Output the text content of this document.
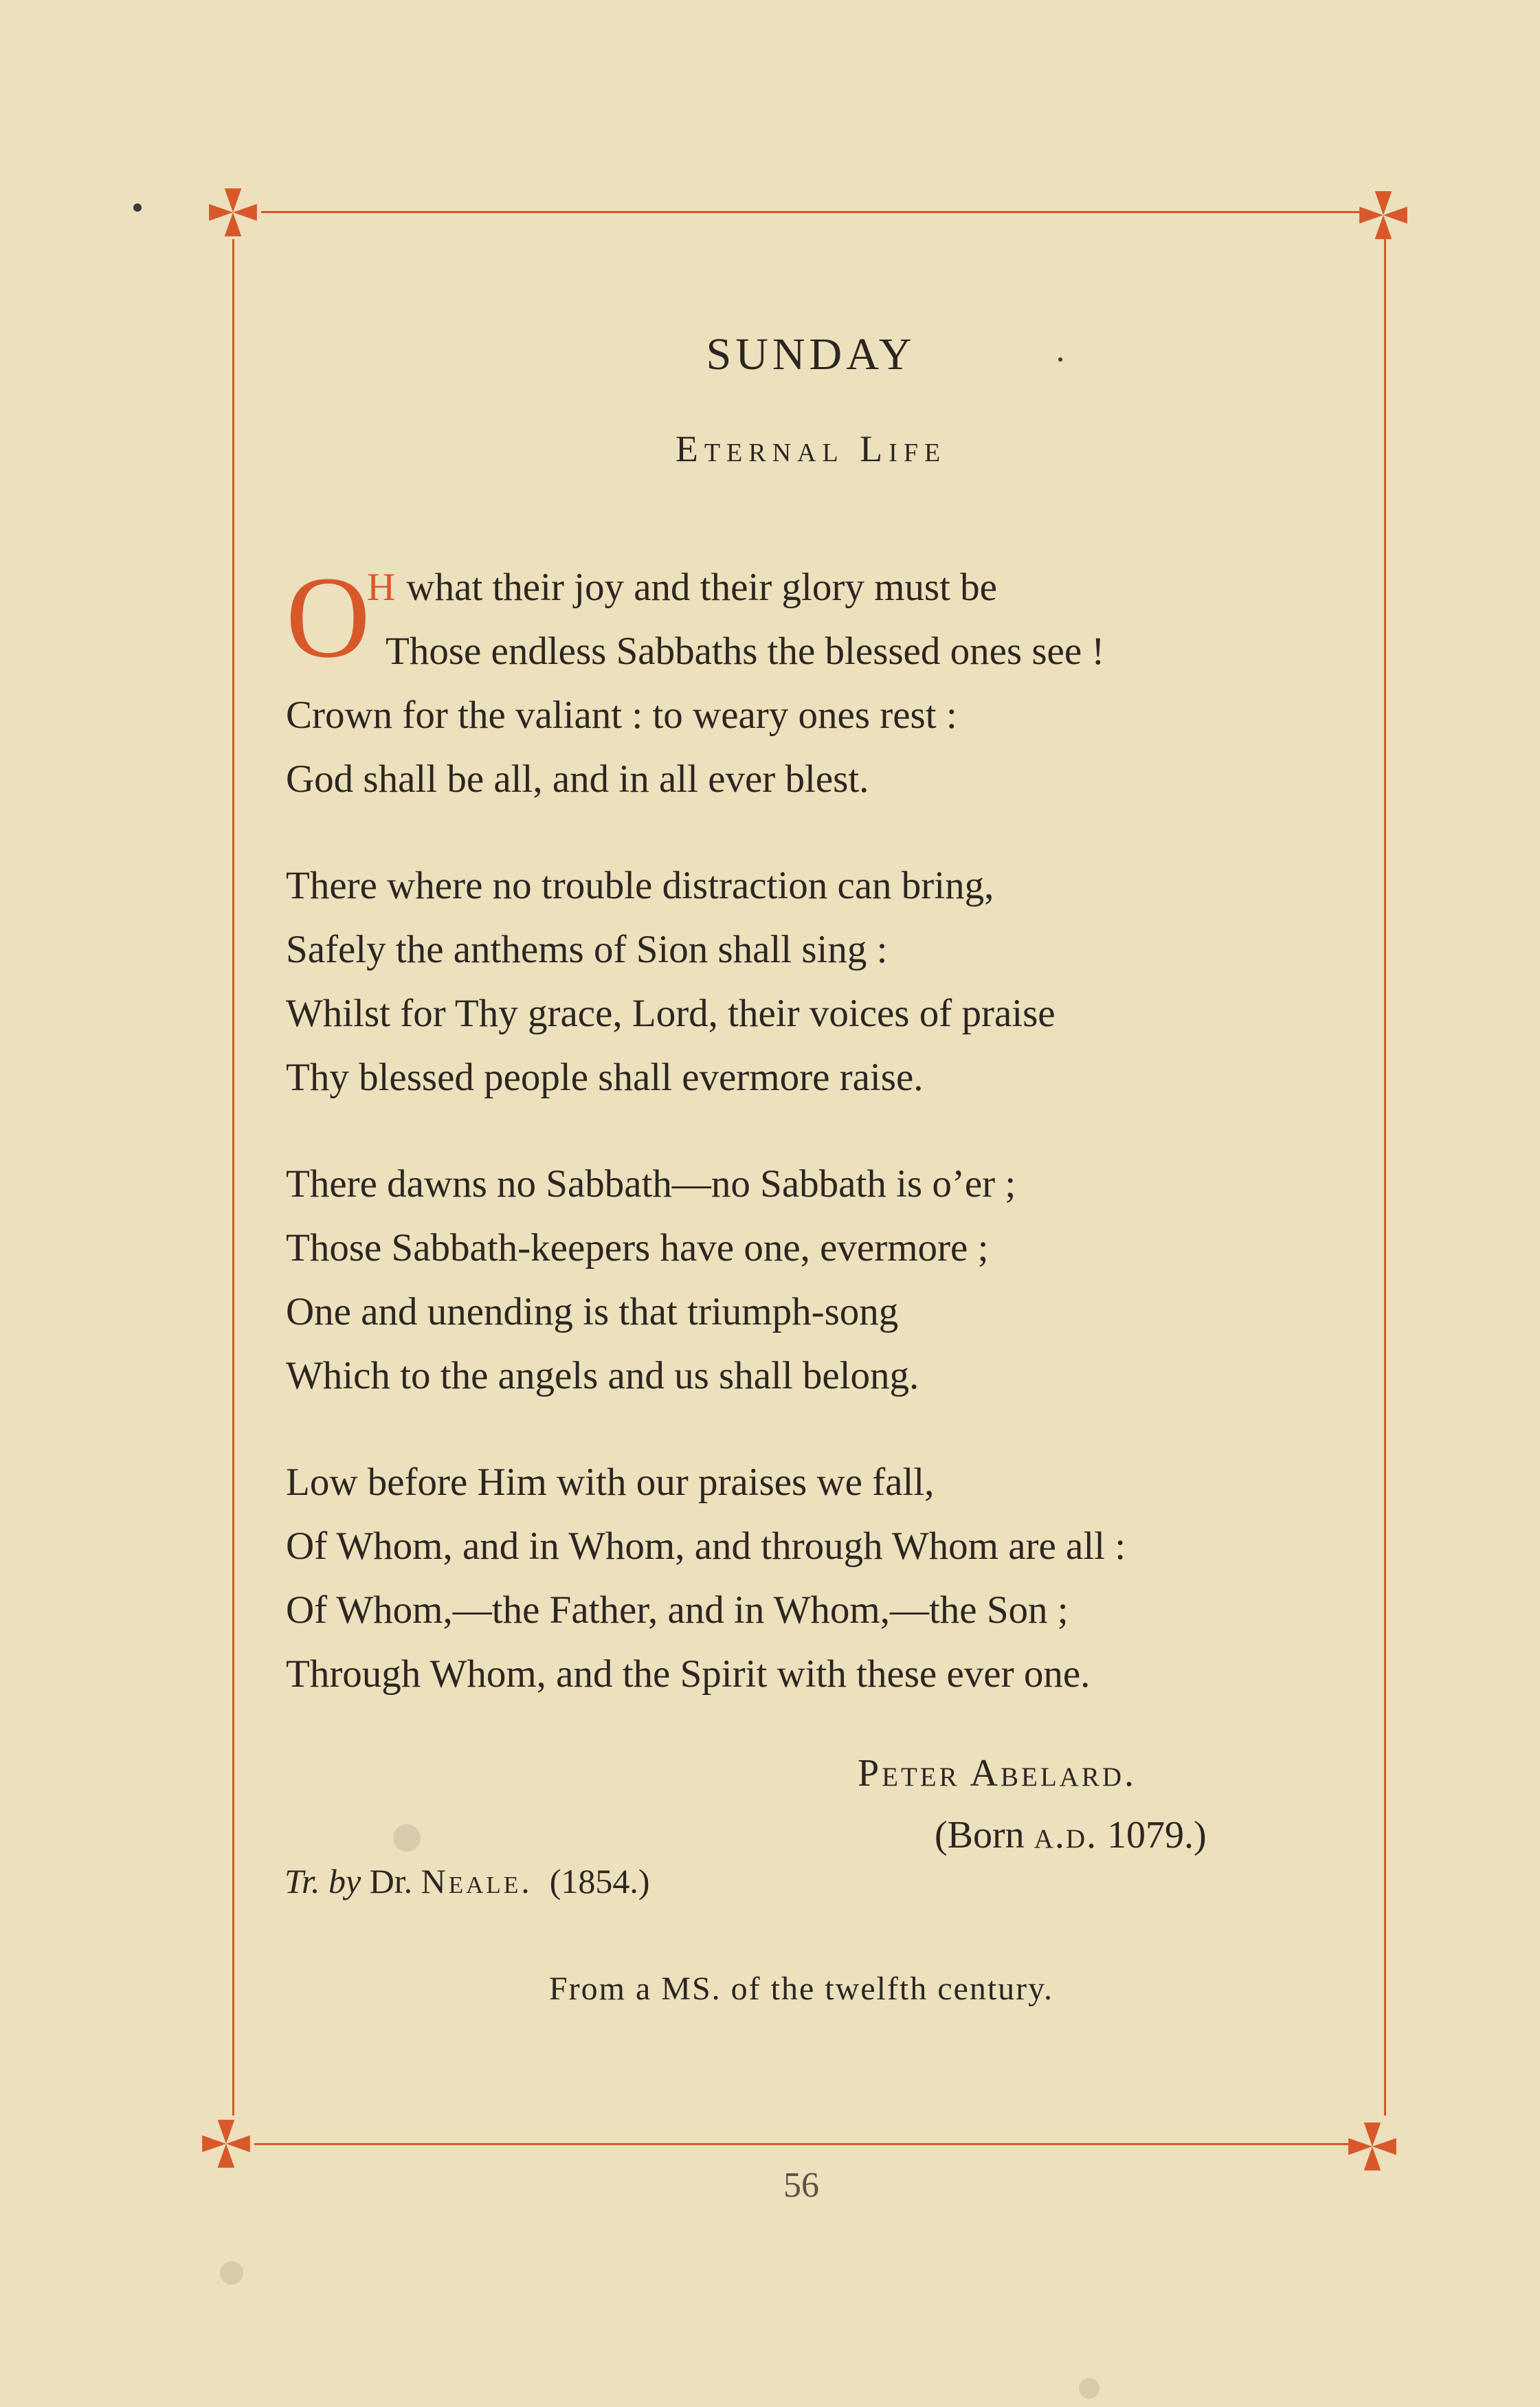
SUNDAY
Eternal Life
O
H what their joy and their glory must be
Those endless Sabbaths the blessed ones see !
Crown for the valiant : to weary ones rest :
God shall be all, and in all ever blest.
There where no trouble distraction can bring,
Safely the anthems of Sion shall sing :
Whilst for Thy grace, Lord, their voices of praise
Thy blessed people shall evermore raise.
There dawns no Sabbath—no Sabbath is o’er ;
Those Sabbath-keepers have one, evermore ;
One and unending is that triumph-song
Which to the angels and us shall belong.
Low before Him with our praises we fall,
Of Whom, and in Whom, and through Whom are all :
Of Whom,—the Father, and in Whom,—the Son ;
Through Whom, and the Spirit with these ever one.
Peter Abelard.
(Born a.d. 1079.)
Tr. by Dr. Neale.  (1854.)
From a MS. of the twelfth century.
56
